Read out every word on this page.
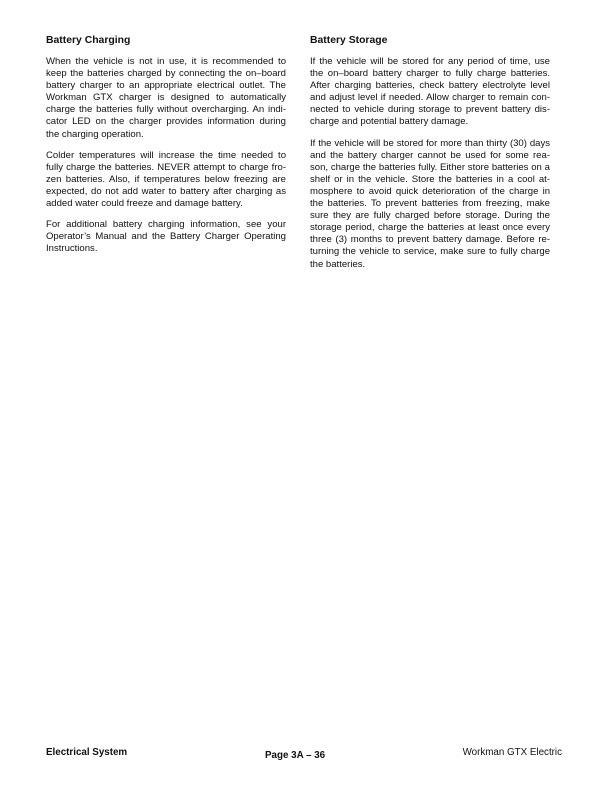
Battery Charging

When the vehicle is not in use, it is recommended to keep the batteries charged by connecting the on–board battery charger to an appropriate electrical outlet. The Workman GTX charger is designed to automatically charge the batteries fully without overcharging. An indicator LED on the charger provides information during the charging operation.

Colder temperatures will increase the time needed to fully charge the batteries. NEVER attempt to charge frozen batteries. Also, if temperatures below freezing are expected, do not add water to battery after charging as added water could freeze and damage battery.

For additional battery charging information, see your Operator’s Manual and the Battery Charger Operating Instructions.

Battery Storage

If the vehicle will be stored for any period of time, use the on–board battery charger to fully charge batteries. After charging batteries, check battery electrolyte level and adjust level if needed. Allow charger to remain connected to vehicle during storage to prevent battery discharge and potential battery damage.

If the vehicle will be stored for more than thirty (30) days and the battery charger cannot be used for some reason, charge the batteries fully. Either store batteries on a shelf or in the vehicle. Store the batteries in a cool atmosphere to avoid quick deterioration of the charge in the batteries. To prevent batteries from freezing, make sure they are fully charged before storage. During the storage period, charge the batteries at least once every three (3) months to prevent battery damage. Before returning the vehicle to service, make sure to fully charge the batteries.

Electrical System	Page 3A – 36	Workman GTX Electric
